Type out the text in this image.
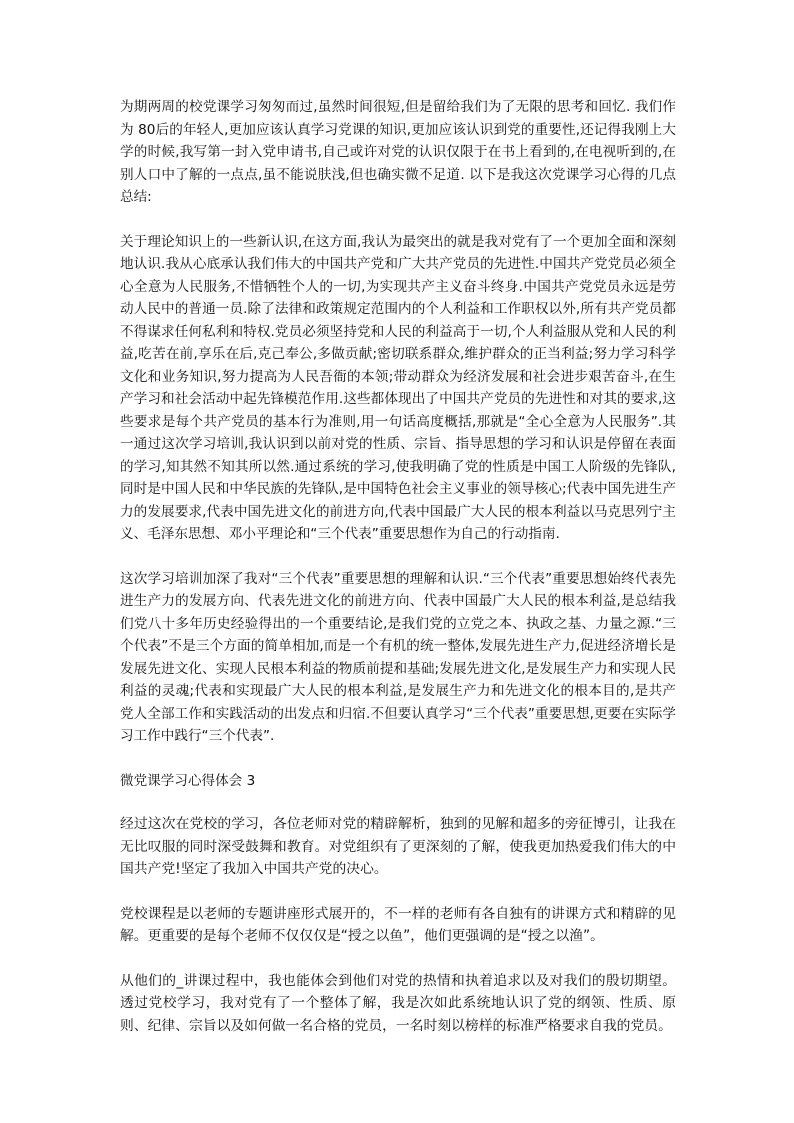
为期两周的校党课学习匆匆而过,虽然时间很短,但是留给我们为了无限的思考和回忆. 我们作为 80后的年轻人,更加应该认真学习党课的知识,更加应该认识到党的重要性,还记得我刚上大学的时候,我写第一封入党申请书,自己或许对党的认识仅限于在书上看到的,在电视听到的,在别人口中了解的一点点,虽不能说肤浅,但也确实微不足道. 以下是我这次党课学习心得的几点总结:

关于理论知识上的一些新认识,在这方面,我认为最突出的就是我对党有了一个更加全面和深刻地认识.我从心底承认我们伟大的中国共产党和广大共产党员的先进性.中国共产党党员必须全心全意为人民服务,不惜牺牲个人的一切,为实现共产主义奋斗终身.中国共产党党员永远是劳动人民中的普通一员.除了法律和政策规定范围内的个人利益和工作职权以外,所有共产党员都不得谋求任何私利和特权.党员必须坚持党和人民的利益高于一切,个人利益服从党和人民的利益,吃苦在前,享乐在后,克己奉公,多做贡献;密切联系群众,维护群众的正当利益;努力学习科学文化和业务知识,努力提高为人民吾衙的本领;带动群众为经济发展和社会进步艰苦奋斗,在生产学习和社会活动中起先锋模范作用.这些都体现出了中国共产党员的先进性和对其的要求,这些要求是每个共产党员的基本行为准则,用一句话高度概括,那就是“全心全意为人民服务”.其一通过这次学习培训,我认识到以前对党的性质、宗旨、指导思想的学习和认识是停留在表面的学习,知其然不知其所以然.通过系统的学习,使我明确了党的性质是中国工人阶级的先锋队,同时是中国人民和中华民族的先锋队,是中国特色社会主义事业的领导核心;代表中国先进生产力的发展要求,代表中国先进文化的前进方向,代表中国最广大人民的根本利益以马克思列宁主义、毛泽东思想、邓小平理论和“三个代表”重要思想作为自己的行动指南.

这次学习培训加深了我对“三个代表”重要思想的理解和认识.“三个代表”重要思想始终代表先进生产力的发展方向、代表先进文化的前进方向、代表中国最广大人民的根本利益,是总结我们党八十多年历史经验得出的一个重要结论,是我们党的立党之本、执政之基、力量之源.“三个代表”不是三个方面的简单相加,而是一个有机的统一整体,发展先进生产力,促进经济增长是发展先进文化、实现人民根本利益的物质前提和基础;发展先进文化,是发展生产力和实现人民利益的灵魂;代表和实现最广大人民的根本利益,是发展生产力和先进文化的根本目的,是共产党人全部工作和实践活动的出发点和归宿.不但要认真学习“三个代表”重要思想,更要在实际学习工作中践行“三个代表”.

微党课学习心得体会 3

经过这次在党校的学习，各位老师对党的精辟解析，独到的见解和超多的旁征博引，让我在无比叹服的同时深受鼓舞和教育。对党组织有了更深刻的了解，使我更加热爱我们伟大的中国共产党!坚定了我加入中国共产党的决心。

党校课程是以老师的专题讲座形式展开的，不一样的老师有各自独有的讲课方式和精辟的见解。更重要的是每个老师不仅仅仅是“授之以鱼”，他们更强调的是“授之以渔”。

从他们的_讲课过程中，我也能体会到他们对党的热情和执着追求以及对我们的殷切期望。透过党校学习，我对党有了一个整体了解，我是次如此系统地认识了党的纲领、性质、原则、纪律、宗旨以及如何做一名合格的党员，一名时刻以榜样的标准严格要求自我的党员。
